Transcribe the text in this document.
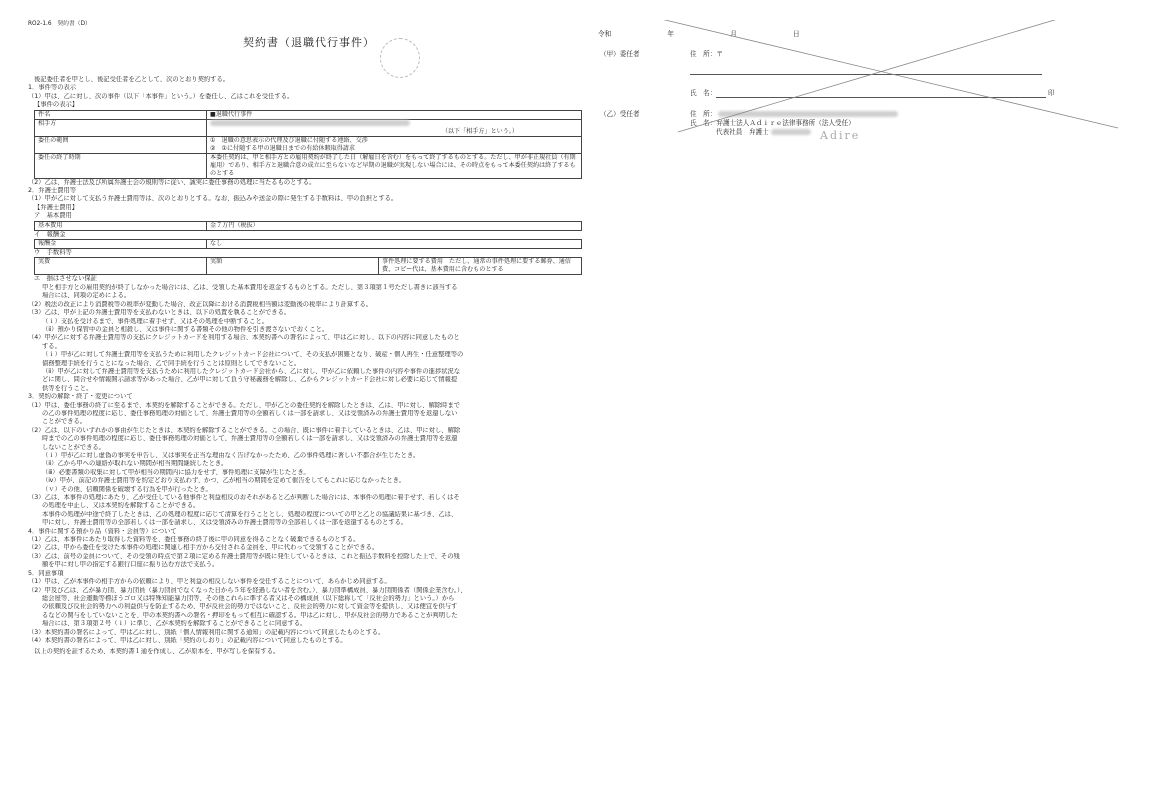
RO2-1.6　契約書（D）
契約書（退職代行事件）
後記委任者を甲とし、後記受任者を乙として、次のとおり契約する。
1．事件等の表示
（1）甲は、乙に対し、次の事件（以下「本事件」という。）を委任し、乙はこれを受任する。
【事件の表示】
件名	■退職代行事件
相手方	（以下「相手方」という。）

委任の範囲	①　退職の意思表示の代理及び退職に付随する連絡、交渉
②　①に付随する甲の退職日までの有給休暇取得請求
委任の終了時期	本委任契約は、甲と相手方との雇用契約が終了した日（解雇日を含む）をもって終了するものとする。ただし、甲が非正規社員（有期雇用）であり、相手方と退職合意の成立に至らないなど早期の退職が実現しない場合には、その時点をもって本委任契約は終了するものとする
（2）乙は、弁護士法及び所属弁護士会の規則等に従い、誠実に委任事務の処理に当たるものとする。
2．弁護士費用等
（1）甲が乙に対して支払う弁護士費用等は、次のとおりとする。なお、振込みや送金の際に発生する手数料は、甲の負担とする。
【弁護士費用】
ア　基本費用
基本費用	金７万円（税抜）
イ　報酬金
報酬金	なし
ウ　手数料等
実費	実額	事件処理に要する費用　ただし、通常の事件処理に要する郵券、通信費、コピー代は、基本費用に含むものとする
エ　損はさせない保証
甲と相手方との雇用契約が終了しなかった場合には、乙は、受領した基本費用を返金するものとする。ただし、第３項第１号ただし書きに該当する
場合には、同項の定めによる。
（2）税法の改正により消費税等の税率が変動した場合、改正以降における消費税相当額は変動後の税率により計算する。
（3）乙は、甲が上記の弁護士費用等を支払わないときは、以下の処置を執ることができる。
（ｉ）支払を受けるまで、事件処理に着手せず、又はその処理を中断すること。
（ⅱ）預かり保管中の金員と相殺し、又は事件に関する書類その他の物件を引き渡さないでおくこと。
（4）甲が乙に対する弁護士費用等の支払にクレジットカードを利用する場合、本契約書への署名によって、甲は乙に対し、以下の内容に同意したものと
する。
（ｉ）甲が乙に対して弁護士費用等を支払うために利用したクレジットカード会社について、その支払が困難となり、破産・個人再生・任意整理等の
債務整理手続を行うことになった場合、乙で同手続を行うことは原則としてできないこと。
（ⅱ）甲が乙に対して弁護士費用等を支払うために利用したクレジットカード会社から、乙に対し、甲が乙に依頼した事件の内容や事件の進捗状況な
どに関し、問合せや情報開示請求等があった場合、乙が甲に対して負う守秘義務を解除し、乙からクレジットカード会社に対し必要に応じて情報提
供等を行うこと。
3．契約の解除・終了・変更について
（1）甲は、委任事務の終了に至るまで、本契約を解除することができる。ただし、甲が乙との委任契約を解除したときは、乙は、甲に対し、解除時まで
の乙の事件処理の程度に応じ、委任事務処理の対価として、弁護士費用等の全額若しくは一部を請求し、又は受領済みの弁護士費用等を返還しない
ことができる。
（2）乙は、以下のいずれかの事由が生じたときは、本契約を解除することができる。この場合、既に事件に着手しているときは、乙は、甲に対し、解除
時までの乙の事件処理の程度に応じ、委任事務処理の対価として、弁護士費用等の全額若しくは一部を請求し、又は受領済みの弁護士費用等を返還
しないことができる。
（ｉ）甲が乙に対し虚偽の事実を申告し、又は事実を正当な理由なく告げなかったため、乙の事件処理に著しい不都合が生じたとき。
（ⅱ）乙から甲への連絡が取れない期間が相当期間継続したとき。
（ⅲ）必要書類の収集に対して甲が相当の期間内に協力をせず、事件処理に支障が生じたとき。
（ⅳ）甲が、前記の弁護士費用等を約定どおり支払わず、かつ、乙が相当の期間を定めて催告をしてもこれに応じなかったとき。
（ｖ）その他、信頼関係を破壊する行為を甲が行ったとき。
（3）乙は、本事件の処理にあたり、乙が受任している他事件と利益相反のおそれがあると乙が判断した場合には、本事件の処理に着手せず、若しくはそ
の処理を中止し、又は本契約を解除することができる。
本事件の処理が中途で終了したときは、乙の処理の程度に応じて清算を行うこととし、処理の程度についての甲と乙との協議結果に基づき、乙は、
甲に対し、弁護士費用等の全部若しくは一部を請求し、又は受領済みの弁護士費用等の全部若しくは一部を返還するものとする。
4．事件に関する預かり品（資料・会員等）について
（1）乙は、本事件にあたり取得した資料等を、委任事務の終了後に甲の同意を得ることなく破棄できるものとする。
（2）乙は、甲から委任を受けた本事件の処理に関連し相手方から交付される金員を、甲に代わって受領することができる。
（3）乙は、前号の金員について、その受領の時点で第２項に定める弁護士費用等が既に発生しているときは、これと振込手数料を控除した上で、その残
額を甲に対し甲の指定する銀行口座に振り込む方法で支払う。
5．同意事項
（1）甲は、乙が本事件の相手方からの依頼により、甲と利益の相反しない事件を受任することについて、あらかじめ同意する。
（2）甲及び乙は、乙が暴力団、暴力団員（暴力団員でなくなった日から５年を経過しない者を含む。）、暴力団準構成員、暴力団関係者（関係企業含む。）、
総会屋等、社会運動等標ぼうゴロ又は特殊知能暴力団等、その他これらに準ずる者又はその構成員（以下総称して「反社会的勢力」という。）から
の依頼及び反社会的勢力への利益供与を防止するため、甲が反社会的勢力ではないこと、反社会的勢力に対して資金等を提供し、又は便宜を供与す
るなどの関与をしていないことを、甲の本契約書への署名・押印をもって相互に確認する。甲は乙に対し、甲が反社会的勢力であることが判明した
場合には、第３項第２号（ｉ）に準じ、乙が本契約を解除することができることに同意する。
（3）本契約書の署名によって、甲は乙に対し、別紙「個人情報利用に関する通知」の記載内容について同意したものとする。
（4）本契約書の署名によって、甲は乙に対し、別紙「契約のしおり」の記載内容について同意したものとする。
以上の契約を証するため、本契約書１通を作成し、乙が原本を、甲が写しを保有する。
令和	年	月	日
（甲）委任者	住　所：〒
氏　名：	印
（乙）受任者	住　所：
氏　名：弁護士法人Ａｄｉｒｅ法律事務所（法人受任）
代表社員　弁護士	Adire
